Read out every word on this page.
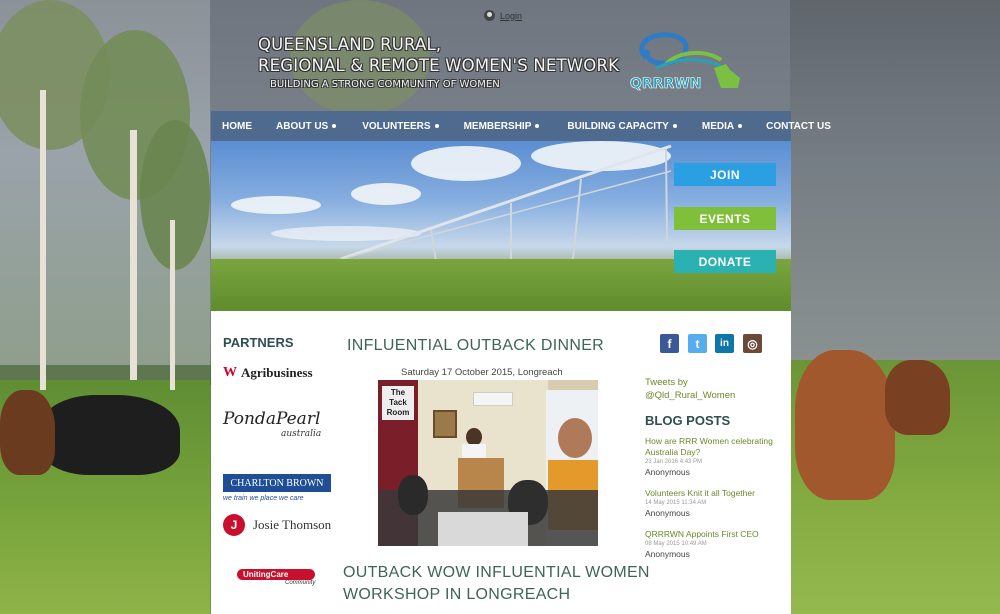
Login
QUEENSLAND RURAL,
REGIONAL & REMOTE WOMEN'S NETWORK
BUILDING A STRONG COMMUNITY OF WOMEN	QRRRWN
HOME ABOUT US	VOLUNTEERS	MEMBERSHIP	BUILDING CAPACITY	MEDIA	CONTACT US
JOIN
EVENTS
DONATE
PARTNERS
W Agribusiness
PondaPearl
australia
CHARLTON BROWN
we train we place we care
J	Josie Thomson
UnitingCare
Community
INFLUENTIAL OUTBACK DINNER
Saturday 17 October 2015, Longreach
The Tack Room
OUTBACK WOW INFLUENTIAL WOMEN
WORKSHOP IN LONGREACH
f t in ◎
Tweets by
@Qld_Rural_Women
BLOG POSTS
How are RRR Women celebrating Australia Day?
23 Jan 2016 4:43 PM
Anonymous
Volunteers Knit it all Together
14 May 2015 11:34 AM
Anonymous
QRRRWN Appoints First CEO
08 May 2015 10:49 AM
Anonymous
